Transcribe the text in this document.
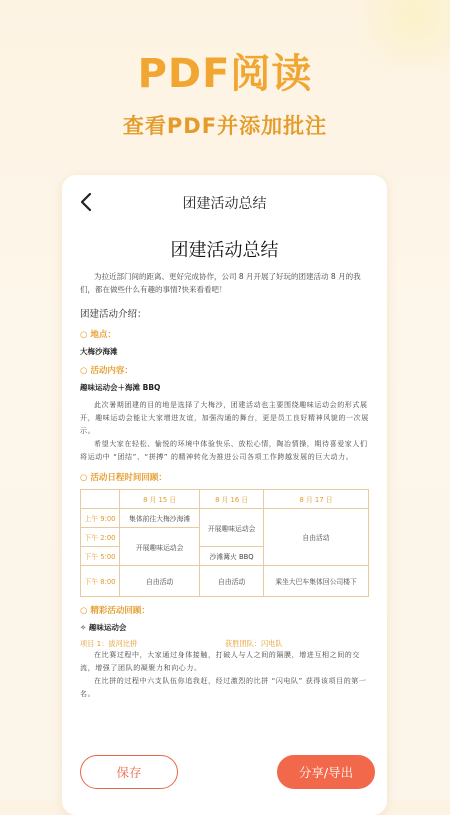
PDF阅读
查看PDF并添加批注
团建活动总结
团建活动总结
为拉近部门间的距离、更好完成协作，公司 8 月开展了好玩的团建活动 8 月的我们，都在做些什么有趣的事情?快来看看吧！
团建活动介绍：
○ 地点：
大梅沙海滩
○ 活动内容：
趣味运动会＋海滩 BBQ
此次暑期团建的目的地是选择了大梅沙，团建活动也主要围绕趣味运动会的形式展开，趣味运动会能让大家增进友谊，加强沟通的舞台，更是员工良好精神风貌的一次展示。
希望大家在轻松、愉悦的环境中体验快乐、放松心情，陶冶情操，期待喜爱家人们将运动中 “团结”、“拼搏” 的精神转化为推进公司各项工作跨越发展的巨大动力。
○ 活动日程时间回顾：
	8 月 15 日	8 月 16 日	8 月 17 日
上午 9:00	集体前往大梅沙海滩	开展趣味运动会	自由活动
下午 2:00	开展趣味运动会		
下午 5:00		沙滩篝火 BBQ	
下午 8:00	自由活动	自由活动	乘坐大巴车集体回公司楼下
○ 精彩活动回顾：
✧ 趣味运动会
项目 1：拔河比拼	获胜团队：闪电队
在比赛过程中，大家通过身体接触，打破人与人之间的隔膜，增进互相之间的交流，增强了团队的凝聚力和向心力。
在比拼的过程中六支队伍你追我赶，经过激烈的比拼 “闪电队” 获得该项目的第一名。
保存	分享/导出
